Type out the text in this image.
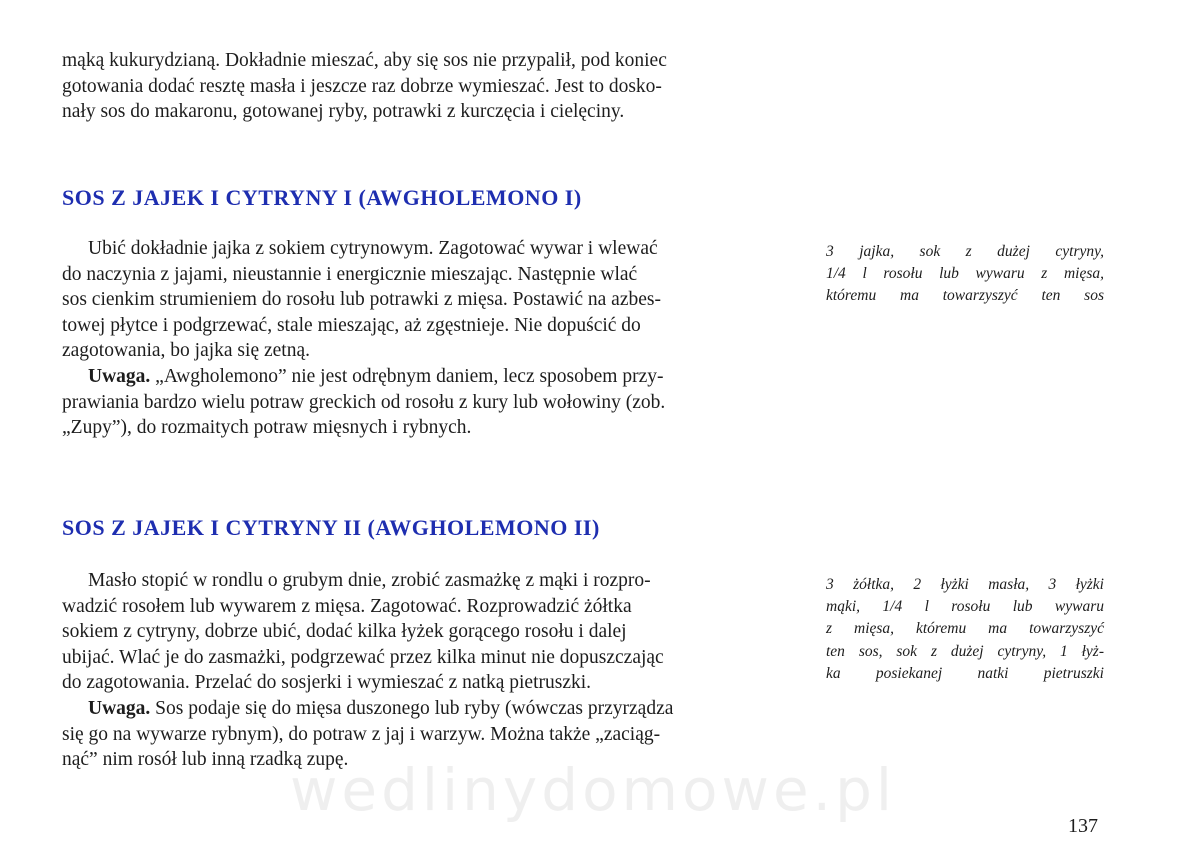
mąką kukurydzianą. Dokładnie mieszać, aby się sos nie przypalił, pod koniec

gotowania dodać resztę masła i jeszcze raz dobrze wymieszać. Jest to dosko-

nały sos do makaronu, gotowanej ryby, potrawki z kurczęcia i cielęciny.

SOS Z JAJEK I CYTRYNY I (AWGHOLEMONO I)

Ubić dokładnie jajka z sokiem cytrynowym. Zagotować wywar i wlewać

do naczynia z jajami, nieustannie i energicznie mieszając. Następnie wlać

sos cienkim strumieniem do rosołu lub potrawki z mięsa. Postawić na azbes-

towej płytce i podgrzewać, stale mieszając, aż zgęstnieje. Nie dopuścić do

zagotowania, bo jajka się zetną.

Uwaga. „Awgholemono” nie jest odrębnym daniem, lecz sposobem przy-

prawiania bardzo wielu potraw greckich od rosołu z kury lub wołowiny (zob.

„Zupy”), do rozmaitych potraw mięsnych i rybnych.

3 jajka, sok z dużej cytryny,
1/4 l rosołu lub wywaru z mięsa,
któremu ma towarzyszyć ten sos
SOS Z JAJEK I CYTRYNY II (AWGHOLEMONO II)

Masło stopić w rondlu o grubym dnie, zrobić zasmażkę z mąki i rozpro-

wadzić rosołem lub wywarem z mięsa. Zagotować. Rozprowadzić żółtka

sokiem z cytryny, dobrze ubić, dodać kilka łyżek gorącego rosołu i dalej

ubijać. Wlać je do zasmażki, podgrzewać przez kilka minut nie dopuszczając

do zagotowania. Przelać do sosjerki i wymieszać z natką pietruszki.

Uwaga. Sos podaje się do mięsa duszonego lub ryby (wówczas przyrządza

się go na wywarze rybnym), do potraw z jaj i warzyw. Można także „zaciąg-

nąć” nim rosół lub inną rzadką zupę.

3 żółtka, 2 łyżki masła, 3 łyżki
mąki, 1/4 l rosołu lub wywaru
z mięsa, któremu ma towarzyszyć
ten sos, sok z dużej cytryny, 1 łyż-
ka posiekanej natki pietruszki
wedlinydomowe.pl
137
